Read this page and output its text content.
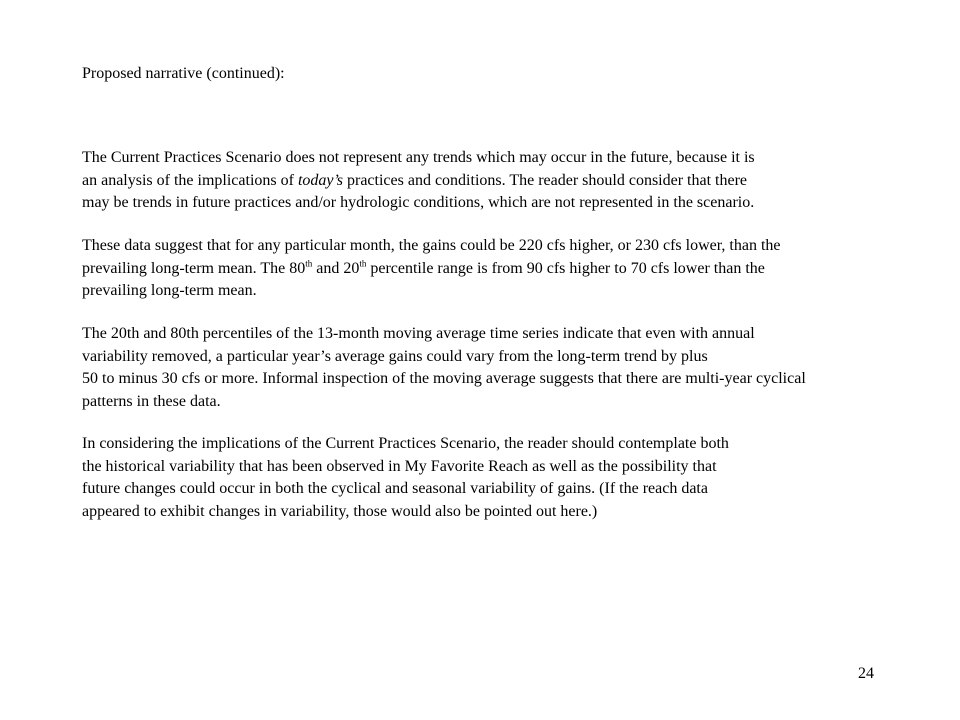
Proposed narrative (continued):

The Current Practices Scenario does not represent any trends which may occur in the future, because it is
an analysis of the implications of today’s practices and conditions. The reader should consider that there
may be trends in future practices and/or hydrologic conditions, which are not represented in the scenario.

These data suggest that for any particular month, the gains could be 220 cfs higher, or 230 cfs lower, than the
prevailing long-term mean. The 80th and 20th percentile range is from 90 cfs higher to 70 cfs lower than the
prevailing long-term mean.

The 20th and 80th percentiles of the 13-month moving average time series indicate that even with annual
variability removed, a particular year’s average gains could vary from the long-term trend by plus
50 to minus 30 cfs or more. Informal inspection of the moving average suggests that there are multi-year cyclical
patterns in these data.

In considering the implications of the Current Practices Scenario, the reader should contemplate both
the historical variability that has been observed in My Favorite Reach as well as the possibility that
future changes could occur in both the cyclical and seasonal variability of gains. (If the reach data
appeared to exhibit changes in variability, those would also be pointed out here.)

24
